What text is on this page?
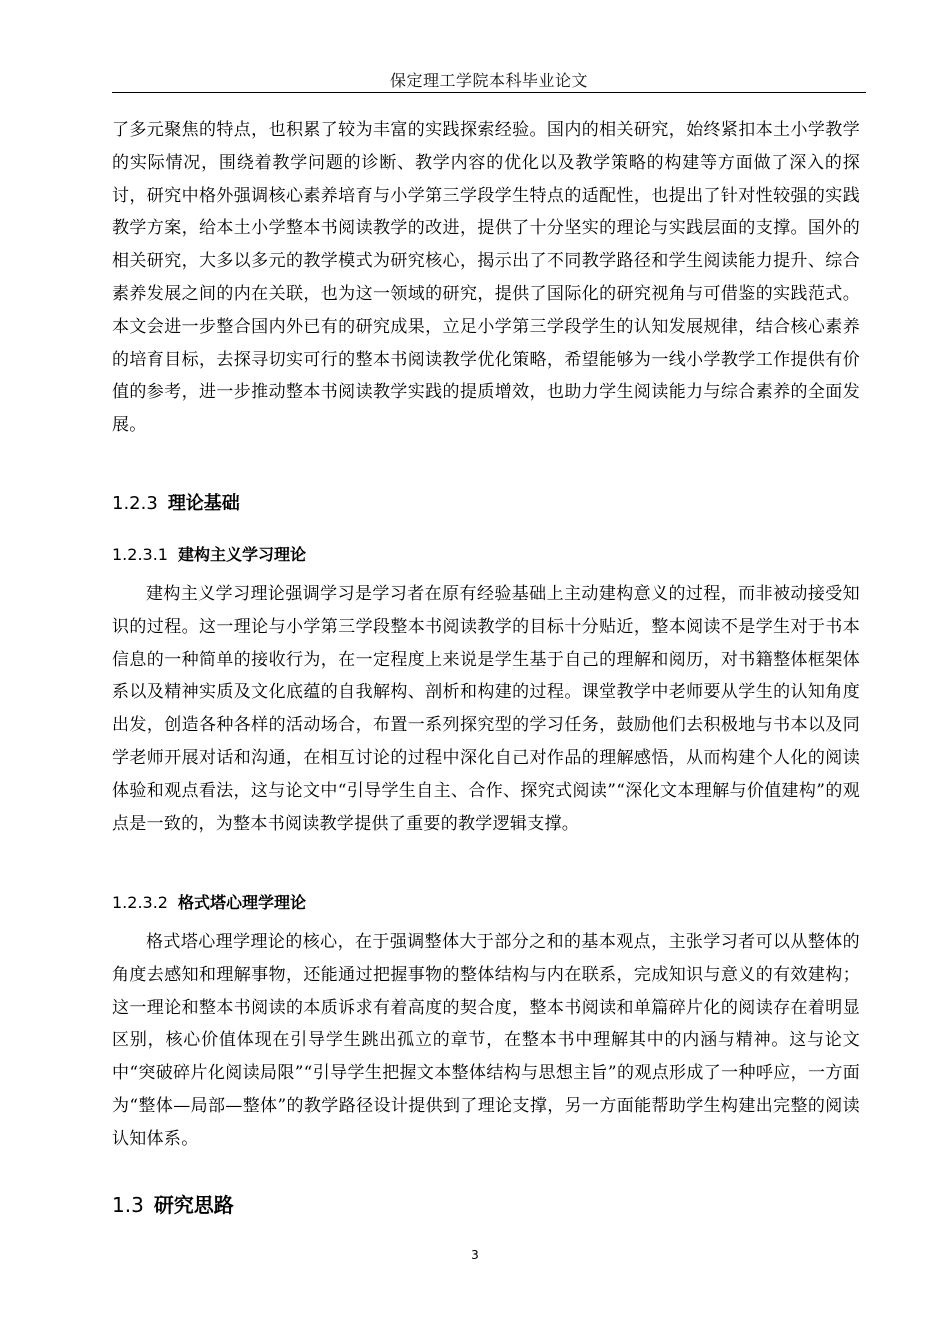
保定理工学院本科毕业论文

了多元聚焦的特点，也积累了较为丰富的实践探索经验。国内的相关研究，始终紧扣本土小学教学的实际情况，围绕着教学问题的诊断、教学内容的优化以及教学策略的构建等方面做了深入的探讨，研究中格外强调核心素养培育与小学第三学段学生特点的适配性，也提出了针对性较强的实践教学方案，给本土小学整本书阅读教学的改进，提供了十分坚实的理论与实践层面的支撑。国外的相关研究，大多以多元的教学模式为研究核心，揭示出了不同教学路径和学生阅读能力提升、综合素养发展之间的内在关联，也为这一领域的研究，提供了国际化的研究视角与可借鉴的实践范式。本文会进一步整合国内外已有的研究成果，立足小学第三学段学生的认知发展规律，结合核心素养的培育目标，去探寻切实可行的整本书阅读教学优化策略，希望能够为一线小学教学工作提供有价值的参考，进一步推动整本书阅读教学实践的提质增效，也助力学生阅读能力与综合素养的全面发展。

1.2.3 理论基础
1.2.3.1 建构主义学习理论

建构主义学习理论强调学习是学习者在原有经验基础上主动建构意义的过程，而非被动接受知识的过程。这一理论与小学第三学段整本书阅读教学的目标十分贴近，整本阅读不是学生对于书本信息的一种简单的接收行为，在一定程度上来说是学生基于自己的理解和阅历，对书籍整体框架体系以及精神实质及文化底蕴的自我解构、剖析和构建的过程。课堂教学中老师要从学生的认知角度出发，创造各种各样的活动场合，布置一系列探究型的学习任务，鼓励他们去积极地与书本以及同学老师开展对话和沟通，在相互讨论的过程中深化自己对作品的理解感悟，从而构建个人化的阅读体验和观点看法，这与论文中“引导学生自主、合作、探究式阅读”“深化文本理解与价值建构”的观点是一致的，为整本书阅读教学提供了重要的教学逻辑支撑。

1.2.3.2 格式塔心理学理论

格式塔心理学理论的核心，在于强调整体大于部分之和的基本观点，主张学习者可以从整体的角度去感知和理解事物，还能通过把握事物的整体结构与内在联系，完成知识与意义的有效建构；这一理论和整本书阅读的本质诉求有着高度的契合度，整本书阅读和单篇碎片化的阅读存在着明显区别，核心价值体现在引导学生跳出孤立的章节，在整本书中理解其中的内涵与精神。这与论文中“突破碎片化阅读局限”“引导学生把握文本整体结构与思想主旨”的观点形成了一种呼应，一方面为“整体—局部—整体”的教学路径设计提供到了理论支撑，另一方面能帮助学生构建出完整的阅读认知体系。

1.3 研究思路
3
